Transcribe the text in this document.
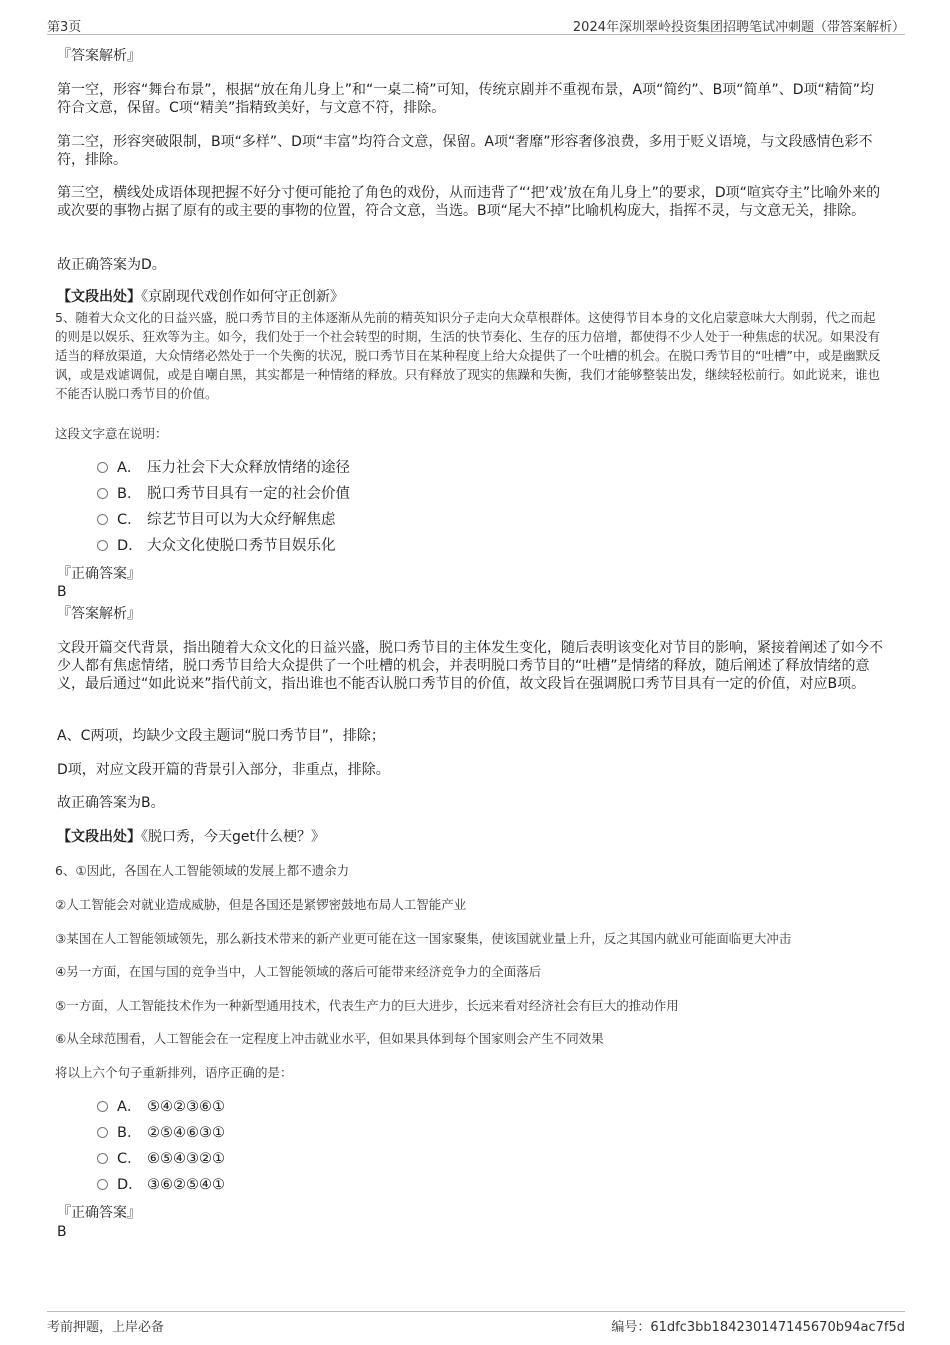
第3页	2024年深圳翠岭投资集团招聘笔试冲刺题（带答案解析）
『答案解析』
第一空，形容“舞台布景”，根据“放在角儿身上”和“一桌二椅”可知，传统京剧并不重视布景，A项“简约”、B项“简单”、D项“精简”均符合文意，保留。C项“精美”指精致美好，与文意不符，排除。
第二空，形容突破限制，B项“多样”、D项“丰富”均符合文意，保留。A项“奢靡”形容奢侈浪费，多用于贬义语境，与文段感情色彩不符，排除。
第三空，横线处成语体现把握不好分寸便可能抢了角色的戏份，从而违背了“‘把’戏’放在角儿身上”的要求，D项“喧宾夺主”比喻外来的或次要的事物占据了原有的或主要的事物的位置，符合文意，当选。B项“尾大不掉”比喻机构庞大，指挥不灵，与文意无关，排除。
故正确答案为D。
【文段出处】《京剧现代戏创作如何守正创新》
5、随着大众文化的日益兴盛，脱口秀节目的主体逐渐从先前的精英知识分子走向大众草根群体。这使得节目本身的文化启蒙意味大大削弱，代之而起的则是以娱乐、狂欢等为主。如今，我们处于一个社会转型的时期，生活的快节奏化、生存的压力倍增，都使得不少人处于一种焦虑的状况。如果没有适当的释放渠道，大众情绪必然处于一个失衡的状况，脱口秀节目在某种程度上给大众提供了一个吐槽的机会。在脱口秀节目的“吐槽”中，或是幽默反讽，或是戏谑调侃，或是自嘲自黑，其实都是一种情绪的释放。只有释放了现实的焦躁和失衡，我们才能够整装出发，继续轻松前行。如此说来，谁也不能否认脱口秀节目的价值。
这段文字意在说明：
A． 压力社会下大众释放情绪的途径
B． 脱口秀节目具有一定的社会价值
C． 综艺节目可以为大众纾解焦虑
D． 大众文化使脱口秀节目娱乐化
『正确答案』
B
『答案解析』
文段开篇交代背景，指出随着大众文化的日益兴盛，脱口秀节目的主体发生变化，随后表明该变化对节目的影响，紧接着阐述了如今不少人都有焦虑情绪，脱口秀节目给大众提供了一个吐槽的机会，并表明脱口秀节目的“吐槽”是情绪的释放，随后阐述了释放情绪的意义，最后通过“如此说来”指代前文，指出谁也不能否认脱口秀节目的价值，故文段旨在强调脱口秀节目具有一定的价值，对应B项。
A、C两项，均缺少文段主题词“脱口秀节目”，排除；
D项，对应文段开篇的背景引入部分，非重点，排除。
故正确答案为B。
【文段出处】《脱口秀，今天get什么梗？》
6、①因此，各国在人工智能领域的发展上都不遗余力
②人工智能会对就业造成威胁，但是各国还是紧锣密鼓地布局人工智能产业
③某国在人工智能领域领先，那么新技术带来的新产业更可能在这一国家聚集，使该国就业量上升，反之其国内就业可能面临更大冲击
④另一方面，在国与国的竞争当中，人工智能领域的落后可能带来经济竞争力的全面落后
⑤一方面，人工智能技术作为一种新型通用技术，代表生产力的巨大进步，长远来看对经济社会有巨大的推动作用
⑥从全球范围看，人工智能会在一定程度上冲击就业水平，但如果具体到每个国家则会产生不同效果
将以上六个句子重新排列，语序正确的是：
A． ⑤④②③⑥①
B． ②⑤④⑥③①
C． ⑥⑤④③②①
D． ③⑥②⑤④①
『正确答案』
B
考前押题，上岸必备	编号：61dfc3bb184230147145670b94ac7f5d
